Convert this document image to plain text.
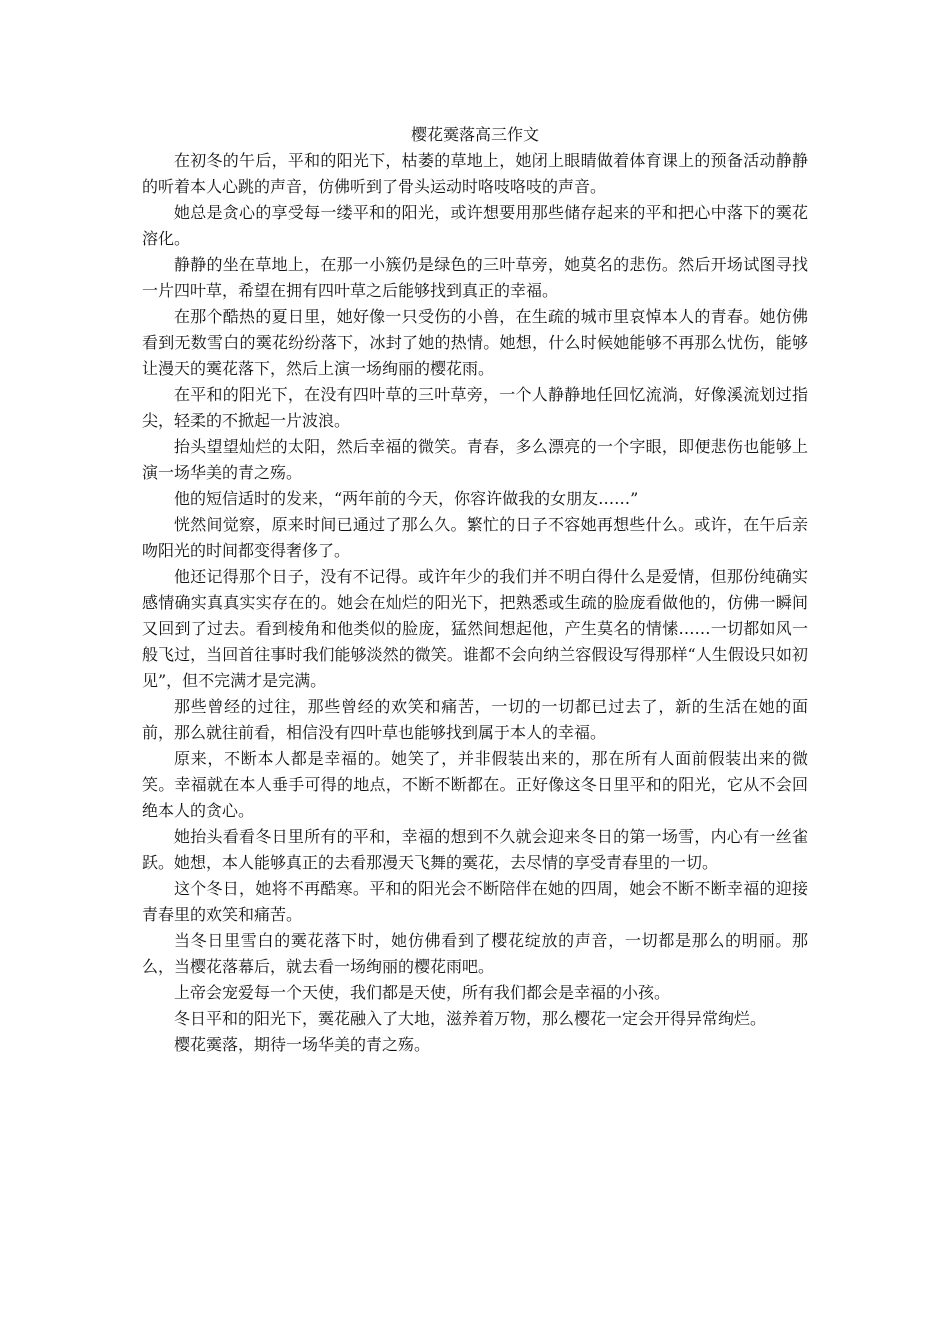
樱花霙落高三作文

在初冬的午后，平和的阳光下，枯萎的草地上，她闭上眼睛做着体育课上的预备活动静静的听着本人心跳的声音，仿佛听到了骨头运动时咯吱咯吱的声音。

她总是贪心的享受每一缕平和的阳光，或许想要用那些储存起来的平和把心中落下的霙花溶化。

静静的坐在草地上，在那一小簇仍是绿色的三叶草旁，她莫名的悲伤。然后开场试图寻找一片四叶草，希望在拥有四叶草之后能够找到真正的幸福。

在那个酷热的夏日里，她好像一只受伤的小兽，在生疏的城市里哀悼本人的青春。她仿佛看到无数雪白的霙花纷纷落下，冰封了她的热情。她想，什么时候她能够不再那么忧伤，能够让漫天的霙花落下，然后上演一场绚丽的樱花雨。

在平和的阳光下，在没有四叶草的三叶草旁，一个人静静地任回忆流淌，好像溪流划过指尖，轻柔的不掀起一片波浪。

抬头望望灿烂的太阳，然后幸福的微笑。青春，多么漂亮的一个字眼，即便悲伤也能够上演一场华美的青之殇。

他的短信适时的发来，“两年前的今天，你容许做我的女朋友……”

恍然间觉察，原来时间已通过了那么久。繁忙的日子不容她再想些什么。或许，在午后亲吻阳光的时间都变得奢侈了。

他还记得那个日子，没有不记得。或许年少的我们并不明白得什么是爱情，但那份纯确实感情确实真真实实存在的。她会在灿烂的阳光下，把熟悉或生疏的脸庞看做他的，仿佛一瞬间又回到了过去。看到棱角和他类似的脸庞，猛然间想起他，产生莫名的情愫……一切都如风一般飞过，当回首往事时我们能够淡然的微笑。谁都不会向纳兰容假设写得那样“人生假设只如初见”，但不完满才是完满。

那些曾经的过往，那些曾经的欢笑和痛苦，一切的一切都已过去了，新的生活在她的面前，那么就往前看，相信没有四叶草也能够找到属于本人的幸福。

原来，不断本人都是幸福的。她笑了，并非假装出来的，那在所有人面前假装出来的微笑。幸福就在本人垂手可得的地点，不断不断都在。正好像这冬日里平和的阳光，它从不会回绝本人的贪心。

她抬头看看冬日里所有的平和，幸福的想到不久就会迎来冬日的第一场雪，内心有一丝雀跃。她想，本人能够真正的去看那漫天飞舞的霙花，去尽情的享受青春里的一切。

这个冬日，她将不再酷寒。平和的阳光会不断陪伴在她的四周，她会不断不断幸福的迎接青春里的欢笑和痛苦。

当冬日里雪白的霙花落下时，她仿佛看到了樱花绽放的声音，一切都是那么的明丽。那么，当樱花落幕后，就去看一场绚丽的樱花雨吧。

上帝会宠爱每一个天使，我们都是天使，所有我们都会是幸福的小孩。

冬日平和的阳光下，霙花融入了大地，滋养着万物，那么樱花一定会开得异常绚烂。

樱花霙落，期待一场华美的青之殇。
